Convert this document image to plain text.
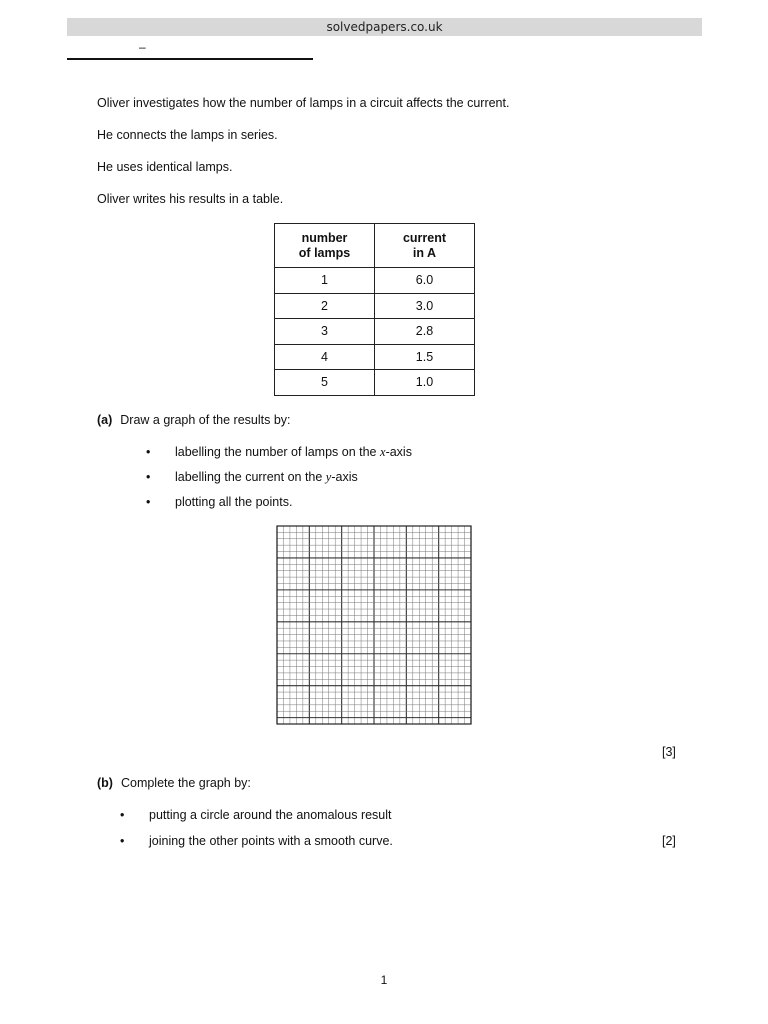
solvedpapers.co.uk
–
Oliver investigates how the number of lamps in a circuit affects the current.
He connects the lamps in series.
He uses identical lamps.
Oliver writes his results in a table.
number
of lamps	current
in A
1	6.0
2	3.0
3	2.8
4	1.5
5	1.0
(a) Draw a graph of the results by:
• labelling the number of lamps on the x-axis
• labelling the current on the y-axis
• plotting all the points.
[3]
(b) Complete the graph by:
• putting a circle around the anomalous result
• joining the other points with a smooth curve.	[2]
1
